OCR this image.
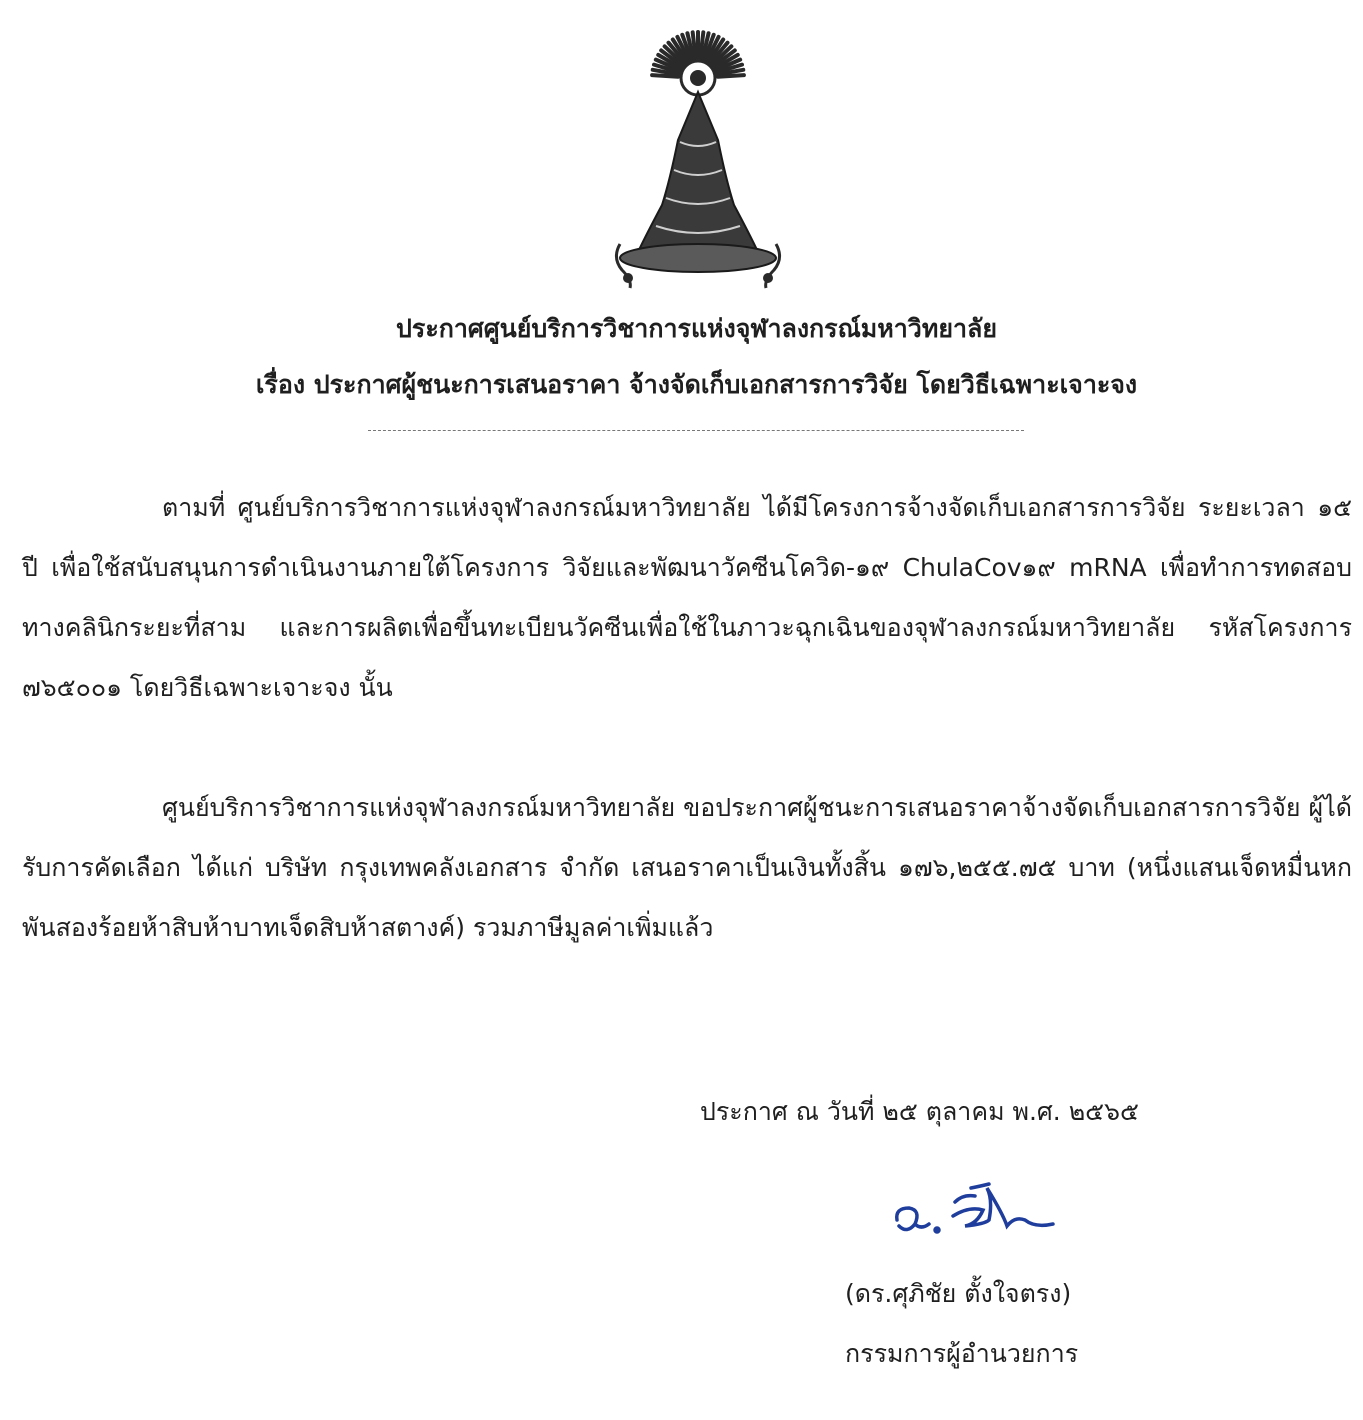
ประกาศศูนย์บริการวิชาการแห่งจุฬาลงกรณ์มหาวิทยาลัย
เรื่อง ประกาศผู้ชนะการเสนอราคา จ้างจัดเก็บเอกสารการวิจัย โดยวิธีเฉพาะเจาะจง

ตามที่ ศูนย์บริการวิชาการแห่งจุฬาลงกรณ์มหาวิทยาลัย ได้มีโครงการจ้างจัดเก็บเอกสารการวิจัย ระยะเวลา ๑๕ ปี เพื่อใช้สนับสนุนการดำเนินงานภายใต้โครงการ วิจัยและพัฒนาวัคซีนโควิด-๑๙ ChulaCov๑๙ mRNA เพื่อทำการทดสอบทางคลินิกระยะที่สาม และการผลิตเพื่อขึ้นทะเบียนวัคซีนเพื่อใช้ในภาวะฉุกเฉินของจุฬาลงกรณ์มหาวิทยาลัย รหัสโครงการ ๗๖๕๐๐๑ โดยวิธีเฉพาะเจาะจง นั้น

ศูนย์บริการวิชาการแห่งจุฬาลงกรณ์มหาวิทยาลัย ขอประกาศผู้ชนะการเสนอราคาจ้างจัดเก็บเอกสารการวิจัย ผู้ได้รับการคัดเลือก ได้แก่ บริษัท กรุงเทพคลังเอกสาร จำกัด เสนอราคาเป็นเงินทั้งสิ้น ๑๗๖,๒๕๕.๗๕ บาท (หนึ่งแสนเจ็ดหมื่นหกพันสองร้อยห้าสิบห้าบาทเจ็ดสิบห้าสตางค์) รวมภาษีมูลค่าเพิ่มแล้ว

ประกาศ ณ วันที่ ๒๕ ตุลาคม พ.ศ. ๒๕๖๕
(ดร.ศุภิชัย ตั้งใจตรง)
กรรมการผู้อำนวยการ
